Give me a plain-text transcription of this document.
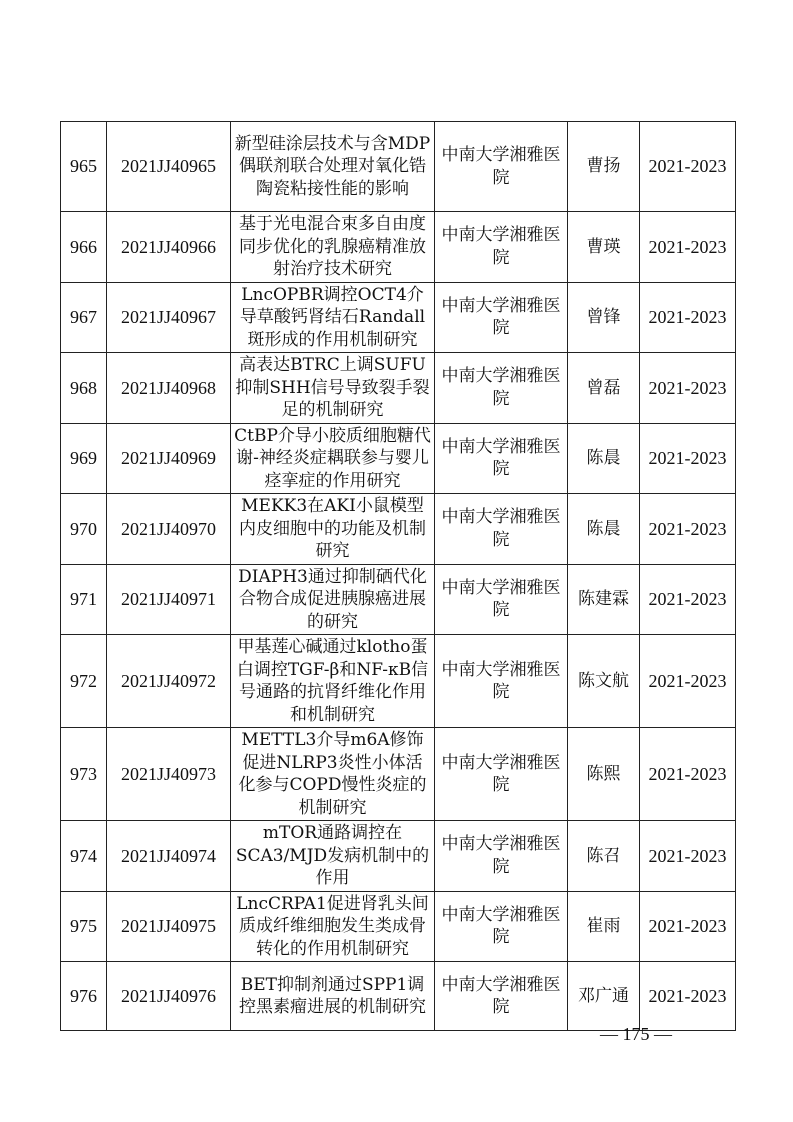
965	2021JJ40965	新型硅涂层技术与含MDP偶联剂联合处理对氧化锆陶瓷粘接性能的影响	中南大学湘雅医院	曹扬	2021-2023
966	2021JJ40966	基于光电混合束多自由度同步优化的乳腺癌精准放射治疗技术研究	中南大学湘雅医院	曹瑛	2021-2023
967	2021JJ40967	LncOPBR调控OCT4介导草酸钙肾结石Randall斑形成的作用机制研究	中南大学湘雅医院	曾锋	2021-2023
968	2021JJ40968	高表达BTRC上调SUFU抑制SHH信号导致裂手裂足的机制研究	中南大学湘雅医院	曾磊	2021-2023
969	2021JJ40969	CtBP介导小胶质细胞糖代谢-神经炎症耦联参与婴儿痉挛症的作用研究	中南大学湘雅医院	陈晨	2021-2023
970	2021JJ40970	MEKK3在AKI小鼠模型内皮细胞中的功能及机制研究	中南大学湘雅医院	陈晨	2021-2023
971	2021JJ40971	DIAPH3通过抑制硒代化合物合成促进胰腺癌进展的研究	中南大学湘雅医院	陈建霖	2021-2023
972	2021JJ40972	甲基莲心碱通过klotho蛋白调控TGF-β和NF-κB信号通路的抗肾纤维化作用和机制研究	中南大学湘雅医院	陈文航	2021-2023
973	2021JJ40973	METTL3介导m6A修饰促进NLRP3炎性小体活化参与COPD慢性炎症的机制研究	中南大学湘雅医院	陈熙	2021-2023
974	2021JJ40974	mTOR通路调控在SCA3/MJD发病机制中的作用	中南大学湘雅医院	陈召	2021-2023
975	2021JJ40975	LncCRPA1促进肾乳头间质成纤维细胞发生类成骨转化的作用机制研究	中南大学湘雅医院	崔雨	2021-2023
976	2021JJ40976	BET抑制剂通过SPP1调控黑素瘤进展的机制研究	中南大学湘雅医院	邓广通	2021-2023
— 175 —
